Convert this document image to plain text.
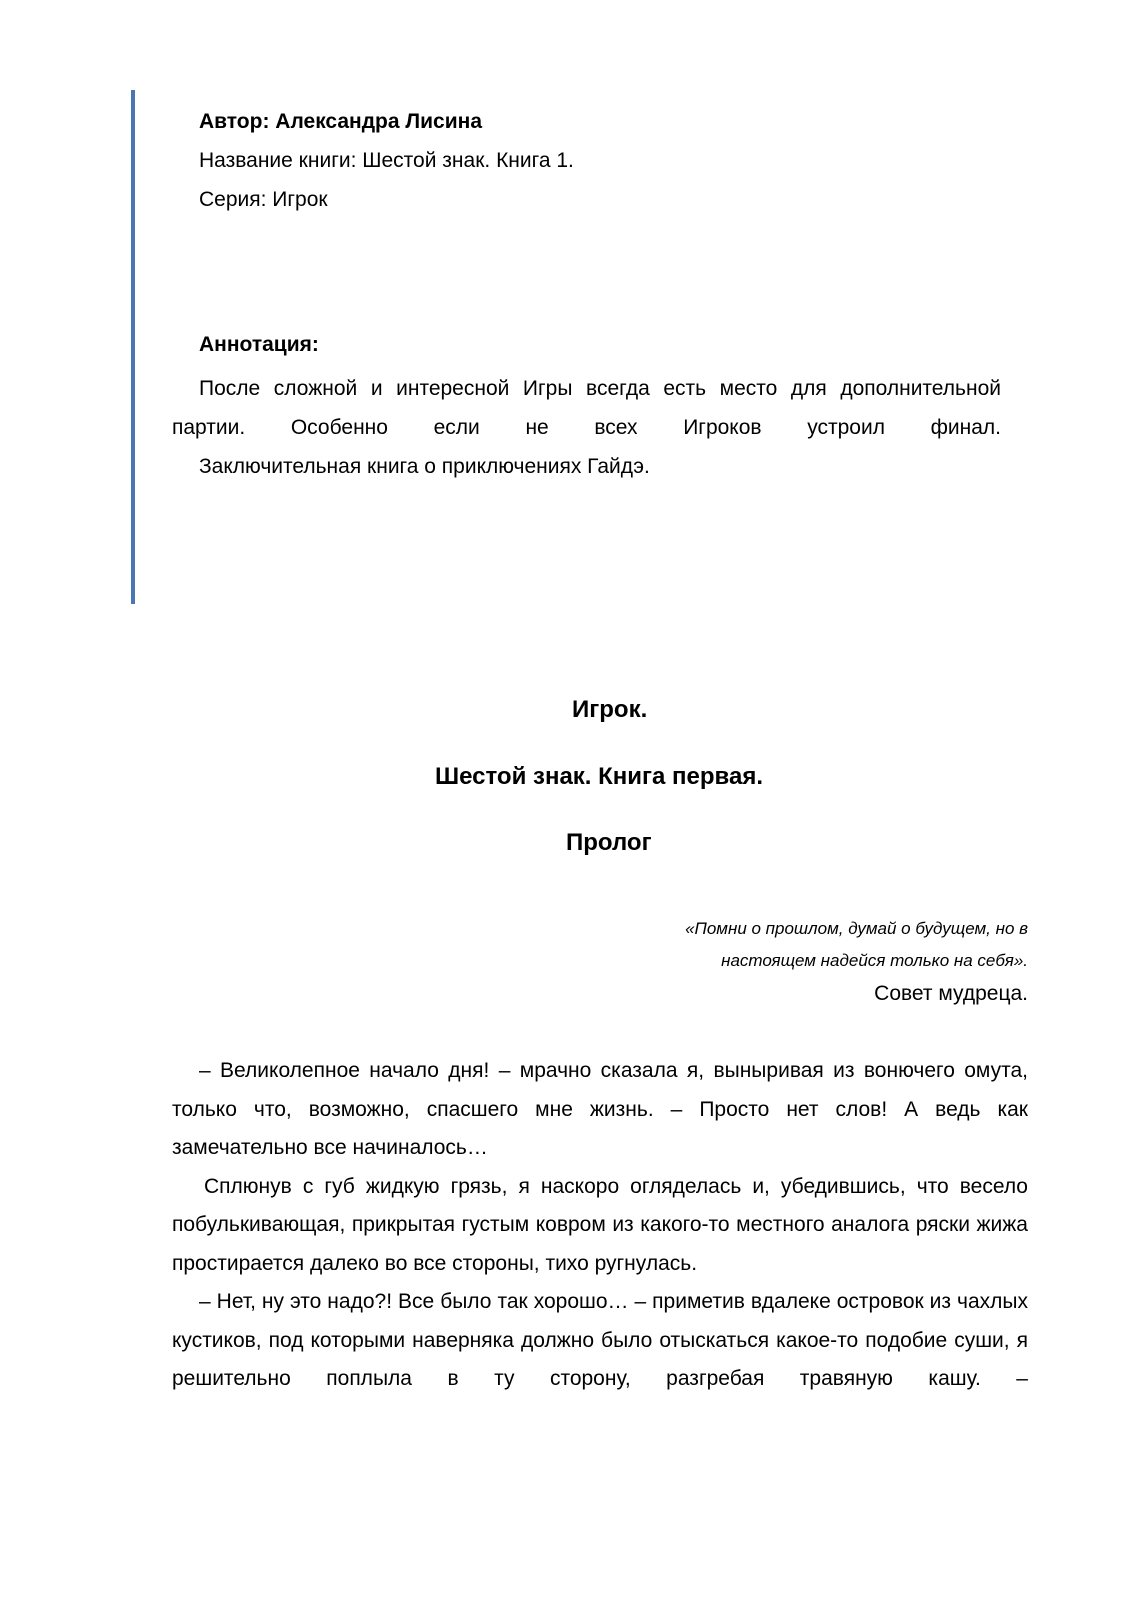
Автор: Александра Лисина
Название книги: Шестой знак. Книга 1.
Серия: Игрок
Аннотация:

После сложной и интересной Игры всегда есть место для дополнительной партии. Особенно если не всех Игроков устроил финал.

Заключительная книга о приключениях Гайдэ.

Игрок.
Шестой знак. Книга первая.
Пролог
«Помни о прошлом, думай о будущем, но в
настоящем надейся только на себя».
Совет мудреца.

– Великолепное начало дня! – мрачно сказала я, выныривая из вонючего омута, только что, возможно, спасшего мне жизнь. – Просто нет слов! А ведь как замечательно все начиналось…

Сплюнув с губ жидкую грязь, я наскоро огляделась и, убедившись, что весело побулькивающая, прикрытая густым ковром из какого-то местного аналога ряски жижа простирается далеко во все стороны, тихо ругнулась.

– Нет, ну это надо?! Все было так хорошо… – приметив вдалеке островок из чахлых кустиков, под которыми наверняка должно было отыскаться какое-то подобие суши, я решительно поплыла в ту сторону, разгребая травяную кашу. –
